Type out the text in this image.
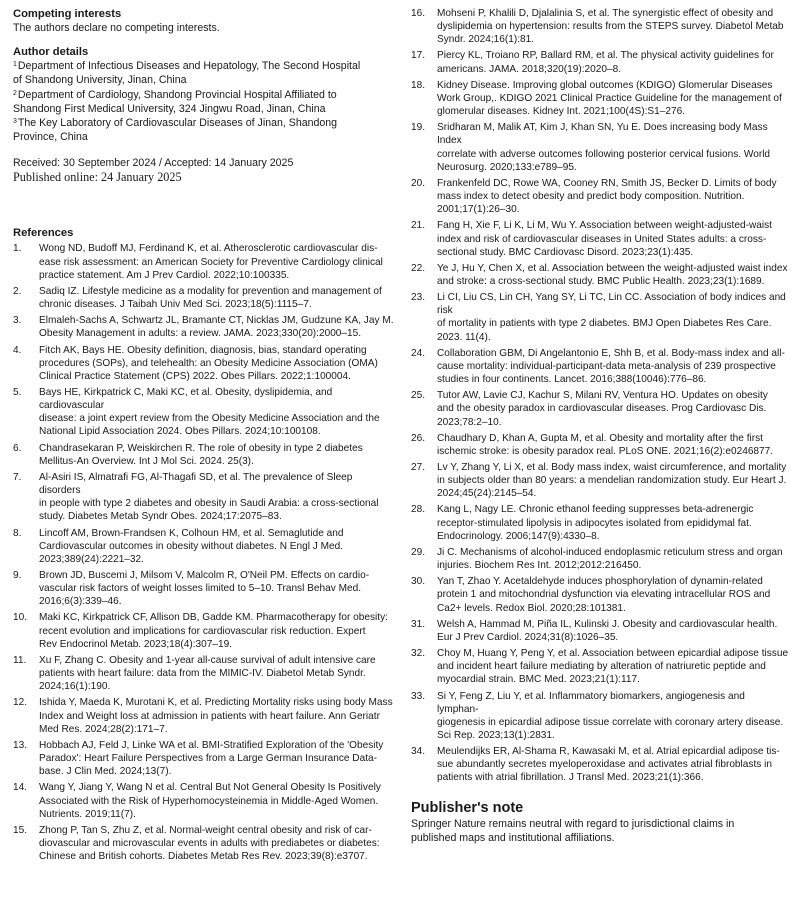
Competing interests

The authors declare no competing interests.

Author details

$^1$Department of Infectious Diseases and Hepatology, The Second Hospital
of Shandong University, Jinan, China

$^2$Department of Cardiology, Shandong Provincial Hospital Affiliated to
Shandong First Medical University, 324 Jingwu Road, Jinan, China

$^3$The Key Laboratory of Cardiovascular Diseases of Jinan, Shandong
Province, China

Received: 30 September 2024 / Accepted: 14 January 2025

Published online: 24 January 2025

References

1. Wong ND, Budoff MJ, Ferdinand K, et al. Atherosclerotic cardiovascular dis-
ease risk assessment: an American Society for Preventive Cardiology clinical
practice statement. Am J Prev Cardiol. 2022;10:100335.
2. Sadiq IZ. Lifestyle medicine as a modality for prevention and management of
chronic diseases. J Taibah Univ Med Sci. 2023;18(5):1115–7.
3. Elmaleh-Sachs A, Schwartz JL, Bramante CT, Nicklas JM, Gudzune KA, Jay M.
Obesity Management in adults: a review. JAMA. 2023;330(20):2000–15.
4. Fitch AK, Bays HE. Obesity definition, diagnosis, bias, standard operating
procedures (SOPs), and telehealth: an Obesity Medicine Association (OMA)
Clinical Practice Statement (CPS) 2022. Obes Pillars. 2022;1:100004.
5. Bays HE, Kirkpatrick C, Maki KC, et al. Obesity, dyslipidemia, and cardiovascular
disease: a joint expert review from the Obesity Medicine Association and the
National Lipid Association 2024. Obes Pillars. 2024;10:100108.
6. Chandrasekaran P, Weiskirchen R. The role of obesity in type 2 diabetes
Mellitus-An Overview. Int J Mol Sci. 2024. 25(3).
7. Al-Asiri IS, Almatrafi FG, Al-Thagafi SD, et al. The prevalence of Sleep disorders
in people with type 2 diabetes and obesity in Saudi Arabia: a cross-sectional
study. Diabetes Metab Syndr Obes. 2024;17:2075–83.
8. Lincoff AM, Brown-Frandsen K, Colhoun HM, et al. Semaglutide and
Cardiovascular outcomes in obesity without diabetes. N Engl J Med.
2023;389(24):2221–32.
9. Brown JD, Buscemi J, Milsom V, Malcolm R, O'Neil PM. Effects on cardio-
vascular risk factors of weight losses limited to 5–10. Transl Behav Med.
2016;6(3):339–46.
10. Maki KC, Kirkpatrick CF, Allison DB, Gadde KM. Pharmacotherapy for obesity:
recent evolution and implications for cardiovascular risk reduction. Expert
Rev Endocrinol Metab. 2023;18(4):307–19.
11. Xu F, Zhang C. Obesity and 1-year all-cause survival of adult intensive care
patients with heart failure: data from the MIMIC-IV. Diabetol Metab Syndr.
2024;16(1):190.
12. Ishida Y, Maeda K, Murotani K, et al. Predicting Mortality risks using body Mass
Index and Weight loss at admission in patients with heart failure. Ann Geriatr
Med Res. 2024;28(2):171–7.
13. Hobbach AJ, Feld J, Linke WA et al. BMI-Stratified Exploration of the 'Obesity
Paradox': Heart Failure Perspectives from a Large German Insurance Data-
base. J Clin Med. 2024;13(7).
14. Wang Y, Jiang Y, Wang N et al. Central But Not General Obesity Is Positively
Associated with the Risk of Hyperhomocysteinemia in Middle-Aged Women.
Nutrients. 2019;11(7).
15. Zhong P, Tan S, Zhu Z, et al. Normal-weight central obesity and risk of car-
diovascular and microvascular events in adults with prediabetes or diabetes:
Chinese and British cohorts. Diabetes Metab Res Rev. 2023;39(8):e3707.
16. Mohseni P, Khalili D, Djalalinia S, et al. The synergistic effect of obesity and
dyslipidemia on hypertension: results from the STEPS survey. Diabetol Metab
Syndr. 2024;16(1):81.
17. Piercy KL, Troiano RP, Ballard RM, et al. The physical activity guidelines for
americans. JAMA. 2018;320(19):2020–8.
18. Kidney Disease. Improving global outcomes (KDIGO) Glomerular Diseases
Work Group,. KDIGO 2021 Clinical Practice Guideline for the management of
glomerular diseases. Kidney Int. 2021;100(4S):S1–276.
19. Sridharan M, Malik AT, Kim J, Khan SN, Yu E. Does increasing body Mass Index
correlate with adverse outcomes following posterior cervical fusions. World
Neurosurg. 2020;133:e789–95.
20. Frankenfeld DC, Rowe WA, Cooney RN, Smith JS, Becker D. Limits of body
mass index to detect obesity and predict body composition. Nutrition.
2001;17(1):26–30.
21. Fang H, Xie F, Li K, Li M, Wu Y. Association between weight-adjusted-waist
index and risk of cardiovascular diseases in United States adults: a cross-
sectional study. BMC Cardiovasc Disord. 2023;23(1):435.
22. Ye J, Hu Y, Chen X, et al. Association between the weight-adjusted waist index
and stroke: a cross-sectional study. BMC Public Health. 2023;23(1):1689.
23. Li CI, Liu CS, Lin CH, Yang SY, Li TC, Lin CC. Association of body indices and risk
of mortality in patients with type 2 diabetes. BMJ Open Diabetes Res Care.
2023. 11(4).
24. Collaboration GBM, Di Angelantonio E, Shh B, et al. Body-mass index and all-
cause mortality: individual-participant-data meta-analysis of 239 prospective
studies in four continents. Lancet. 2016;388(10046):776–86.
25. Tutor AW, Lavie CJ, Kachur S, Milani RV, Ventura HO. Updates on obesity
and the obesity paradox in cardiovascular diseases. Prog Cardiovasc Dis.
2023;78:2–10.
26. Chaudhary D, Khan A, Gupta M, et al. Obesity and mortality after the first
ischemic stroke: is obesity paradox real. PLoS ONE. 2021;16(2):e0246877.
27. Lv Y, Zhang Y, Li X, et al. Body mass index, waist circumference, and mortality
in subjects older than 80 years: a mendelian randomization study. Eur Heart J.
2024;45(24):2145–54.
28. Kang L, Nagy LE. Chronic ethanol feeding suppresses beta-adrenergic
receptor-stimulated lipolysis in adipocytes isolated from epididymal fat.
Endocrinology. 2006;147(9):4330–8.
29. Ji C. Mechanisms of alcohol-induced endoplasmic reticulum stress and organ
injuries. Biochem Res Int. 2012;2012:216450.
30. Yan T, Zhao Y. Acetaldehyde induces phosphorylation of dynamin-related
protein 1 and mitochondrial dysfunction via elevating intracellular ROS and
Ca2+ levels. Redox Biol. 2020;28:101381.
31. Welsh A, Hammad M, Piña IL, Kulinski J. Obesity and cardiovascular health.
Eur J Prev Cardiol. 2024;31(8):1026–35.
32. Choy M, Huang Y, Peng Y, et al. Association between epicardial adipose tissue
and incident heart failure mediating by alteration of natriuretic peptide and
myocardial strain. BMC Med. 2023;21(1):117.
33. Si Y, Feng Z, Liu Y, et al. Inflammatory biomarkers, angiogenesis and lymphan-
giogenesis in epicardial adipose tissue correlate with coronary artery disease.
Sci Rep. 2023;13(1):2831.
34. Meulendijks ER, Al-Shama R, Kawasaki M, et al. Atrial epicardial adipose tis-
sue abundantly secretes myeloperoxidase and activates atrial fibroblasts in
patients with atrial fibrillation. J Transl Med. 2023;21(1):366.

Publisher's note

Springer Nature remains neutral with regard to jurisdictional claims in
published maps and institutional affiliations.
